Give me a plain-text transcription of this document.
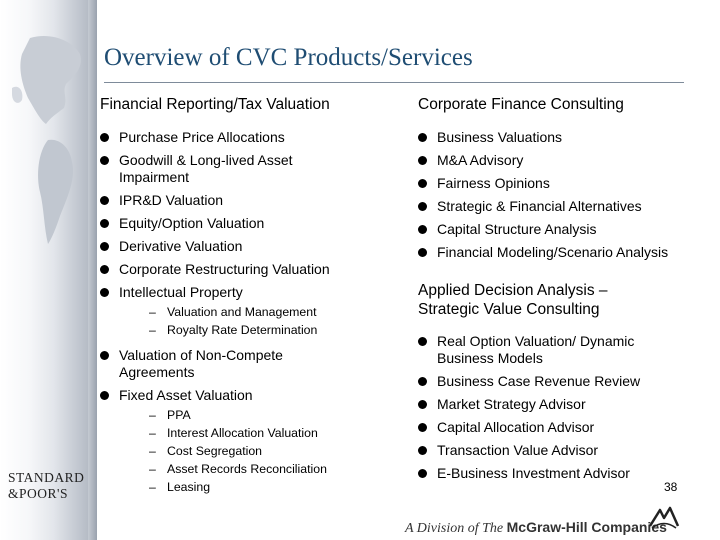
STANDARD
&POOR'S
Overview of CVC Products/Services
Financial Reporting/Tax Valuation
Purchase Price Allocations
Goodwill & Long-lived Asset Impairment
IPR&D Valuation
Equity/Option Valuation
Derivative Valuation
Corporate Restructuring Valuation
Intellectual Property
– Valuation and Management
– Royalty Rate Determination
Valuation of Non-Compete Agreements
Fixed Asset Valuation
– PPA
– Interest Allocation Valuation
– Cost Segregation
– Asset Records Reconciliation
– Leasing
Corporate Finance Consulting
Business Valuations
M&A Advisory
Fairness Opinions
Strategic & Financial Alternatives
Capital Structure Analysis
Financial Modeling/Scenario Analysis
Applied Decision Analysis – Strategic Value Consulting
Real Option Valuation/ Dynamic Business Models
Business Case Revenue Review
Market Strategy Advisor
Capital Allocation Advisor
Transaction Value Advisor
E-Business Investment Advisor
38
A Division of The McGraw-Hill Companies
